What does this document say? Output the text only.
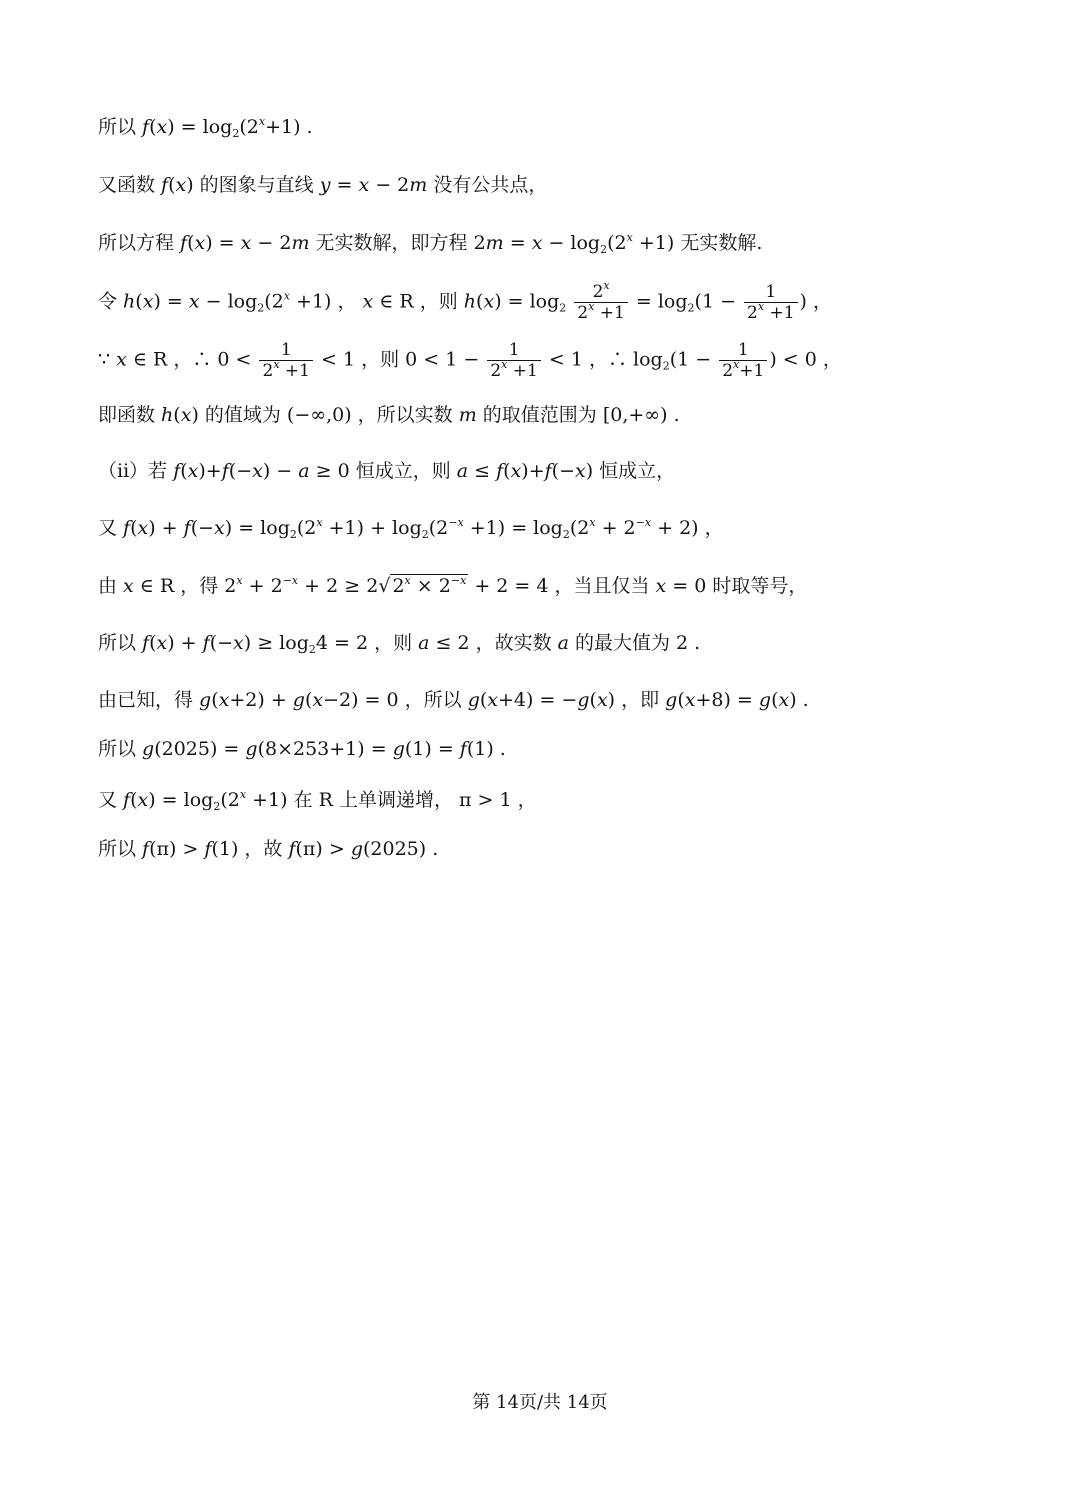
所以 $f(x) = \log_2(2^x+1)$ .
又函数 f(x) 的图象与直线 y = x − 2m 没有公共点，
所以方程 f(x) = x − 2m 无实数解，即方程 $2m = x - \log_2(2^x +1)$ 无实数解.
令 $h(x) = x - \log_2(2^x +1)$ ， x ∈ R ，则 $h(x) = \log_2 \frac{2^x}{2^x +1} = \log_2(1 - \frac{1}{2^x +1}$ ) ，
∵ x ∈ R ，∴ $0 < \frac{1}{2^x +1} < 1$ ，则 $0 < 1 - \frac{1}{2^x +1} < 1$ ，∴ $\log_2(1 - \frac{1}{2^x+1}$ ) < 0 ，
即函数 h(x) 的值域为 (−∞,0) ，所以实数 m 的取值范围为 [0,+∞) .
（ii）若 f(x)+f(−x) − a ≥ 0 恒成立，则 a ≤ f(x)+f(−x) 恒成立，
又 $f(x) + f(-x) = \log_2(2^x +1) + \log_2(2^{-x} +1) = \log_2(2^x + 2^{-x} + 2)$ ，
由 x ∈ R ，得 $2^x + 2^{-x} + 2 \ge 2√$ $2^x \times 2^{-x} + 2 = 4$ ，当且仅当 x = 0 时取等号，
所以 $f(x) + f(-x) \ge \log_24 = 2$ ，则 a ≤ 2 ，故实数 a 的最大值为 2 .
由已知，得 g(x+2) + g(x−2) = 0 ，所以 g(x+4) = −g(x) ，即 g(x+8) = g(x) .
所以 g(2025) = g(8×253+1) = g(1) = f(1) .
又 $f(x) = \log_2(2^x +1)$ 在 R 上单调递增， π > 1 ，
所以 f(π) > f(1) ，故 f(π) > g(2025) .
第 14页/共 14页
